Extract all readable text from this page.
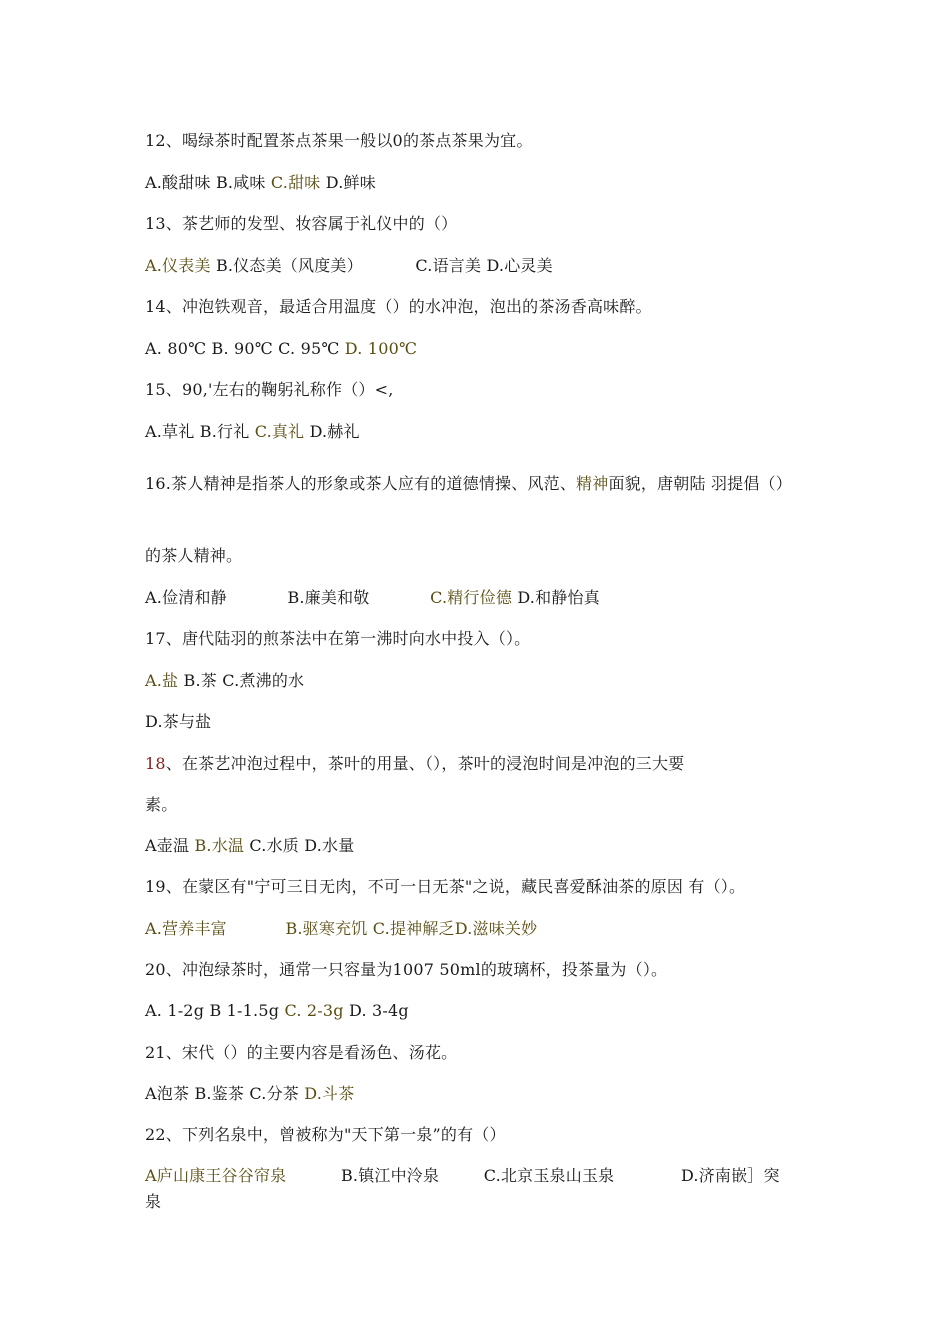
12、喝绿茶时配置茶点茶果一般以0的茶点茶果为宜。
A.酸甜味 B.咸味 C.甜味 D.鲜味
13、茶艺师的发型、妆容属于礼仪中的（）
A.仪表美 B.仪态美（风度美）	C.语言美 D.心灵美
14、冲泡铁观音，最适合用温度（）的水冲泡，泡出的茶汤香高味醉。
A. 80℃ B. 90℃ C. 95℃ D. 100℃
15、90,'左右的鞠躬礼称作（）<,
A.草礼 B.行礼 C.真礼 D.赫礼
16.茶人精神是指茶人的形象或茶人应有的道德情操、风范、精神面貌，唐朝陆 羽提倡（）
的茶人精神。
A.俭清和静	B.廉美和敬	C.精行俭德 D.和静怡真
17、唐代陆羽的煎茶法中在第一沸时向水中投入（）。
A.盐 B.茶 C.煮沸的水
D.茶与盐
18、在茶艺冲泡过程中，茶叶的用量、（），茶叶的浸泡时间是冲泡的三大要
素。
A壶温 B.水温 C.水质 D.水量
19、在蒙区有"宁可三日无肉，不可一日无茶"之说，藏民喜爱酥油茶的原因 有（）。
A.营养丰富	B.驱寒充饥 C.提神解乏D.滋味关妙
20、冲泡绿茶时，通常一只容量为1007 50ml的玻璃杯，投茶量为（）。
A. 1-2g B 1-1.5g C. 2-3g D. 3-4g
21、宋代（）的主要内容是看汤色、汤花。
A泡茶 B.鉴茶 C.分茶 D.斗茶
22、下列名泉中，曾被称为"天下第一泉”的有（）
A庐山康王谷谷帘泉	B.镇江中泠泉	C.北京玉泉山玉泉	D.济南嵌］突
泉
